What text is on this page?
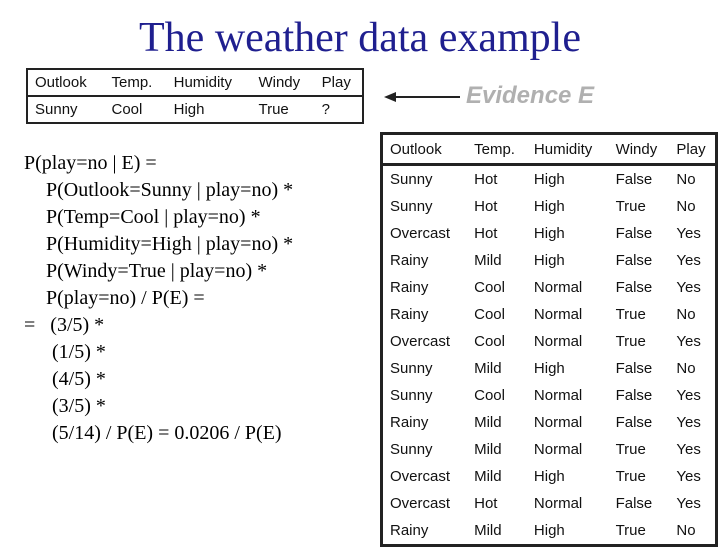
The weather data example
Outlook	Temp.	Humidity	Windy	Play
Sunny	Cool	High	True	?
Evidence E
P(play=no | E) =
P(Outlook=Sunny | play=no) *
P(Temp=Cool | play=no) *
P(Humidity=High | play=no) *
P(Windy=True | play=no) *
P(play=no) / P(E) =
=   (3/5) *
(1/5) *
(4/5) *
(3/5) *
(5/14) / P(E) = 0.0206 / P(E)
Outlook	Temp.	Humidity	Windy	Play
Sunny	Hot	High	False	No
Sunny	Hot	High	True	No
Overcast	Hot	High	False	Yes
Rainy	Mild	High	False	Yes
Rainy	Cool	Normal	False	Yes
Rainy	Cool	Normal	True	No
Overcast	Cool	Normal	True	Yes
Sunny	Mild	High	False	No
Sunny	Cool	Normal	False	Yes
Rainy	Mild	Normal	False	Yes
Sunny	Mild	Normal	True	Yes
Overcast	Mild	High	True	Yes
Overcast	Hot	Normal	False	Yes
Rainy	Mild	High	True	No
